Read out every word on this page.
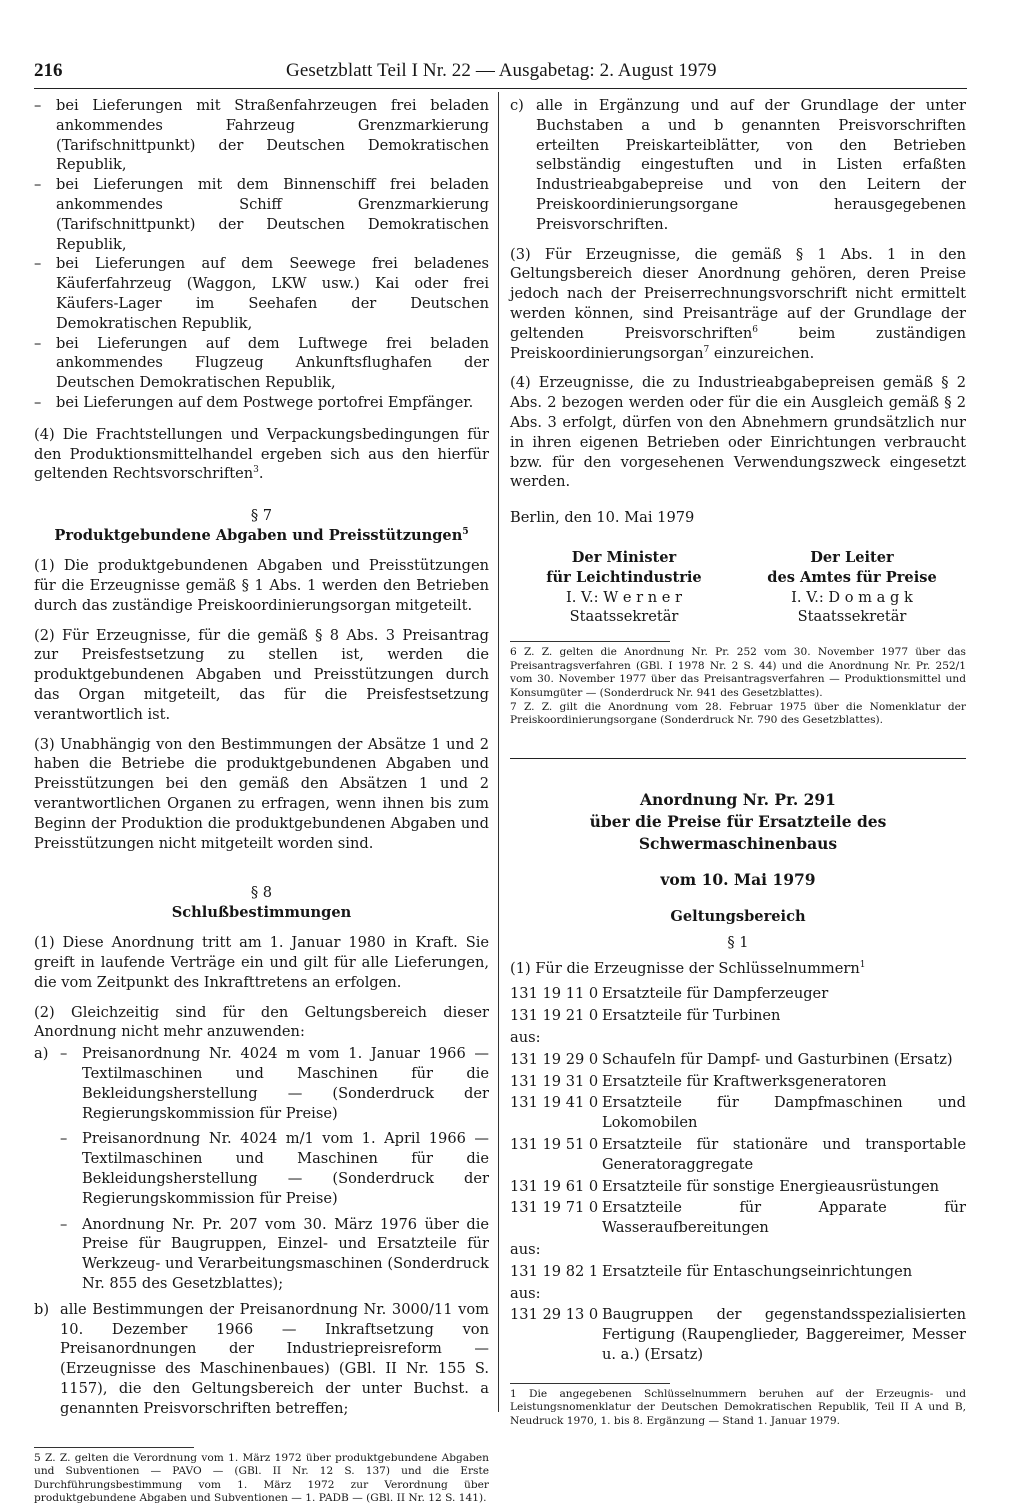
216	Gesetzblatt Teil I Nr. 22 — Ausgabetag: 2. August 1979
–	bei Lieferungen mit Straßenfahrzeugen frei beladen ankommendes Fahrzeug Grenzmarkierung (Tarifschnittpunkt) der Deutschen Demokratischen Republik,
–	bei Lieferungen mit dem Binnenschiff frei beladen ankommendes Schiff Grenzmarkierung (Tarifschnittpunkt) der Deutschen Demokratischen Republik,
–	bei Lieferungen auf dem Seewege frei beladenes Käuferfahrzeug (Waggon, LKW usw.) Kai oder frei Käufers-Lager im Seehafen der Deutschen Demokratischen Republik,
–	bei Lieferungen auf dem Luftwege frei beladen ankommendes Flugzeug Ankunftsflughafen der Deutschen Demokratischen Republik,
–	bei Lieferungen auf dem Postwege portofrei Empfänger.

(4) Die Frachtstellungen und Verpackungsbedingungen für den Produktionsmittelhandel ergeben sich aus den hierfür geltenden Rechtsvorschriften$^3$.

§ 7
Produktgebundene Abgaben und Preisstützungen$^5$

(1) Die produktgebundenen Abgaben und Preisstützungen für die Erzeugnisse gemäß § 1 Abs. 1 werden den Betrieben durch das zuständige Preiskoordinierungsorgan mitgeteilt.

(2) Für Erzeugnisse, für die gemäß § 8 Abs. 3 Preisantrag zur Preisfestsetzung zu stellen ist, werden die produktgebundenen Abgaben und Preisstützungen durch das Organ mitgeteilt, das für die Preisfestsetzung verantwortlich ist.

(3) Unabhängig von den Bestimmungen der Absätze 1 und 2 haben die Betriebe die produktgebundenen Abgaben und Preisstützungen bei den gemäß den Absätzen 1 und 2 verantwortlichen Organen zu erfragen, wenn ihnen bis zum Beginn der Produktion die produktgebundenen Abgaben und Preisstützungen nicht mitgeteilt worden sind.

§ 8
Schlußbestimmungen

(1) Diese Anordnung tritt am 1. Januar 1980 in Kraft. Sie greift in laufende Verträge ein und gilt für alle Lieferungen, die vom Zeitpunkt des Inkrafttretens an erfolgen.

(2) Gleichzeitig sind für den Geltungsbereich dieser Anordnung nicht mehr anzuwenden:

a) –	Preisanordnung Nr. 4024 m vom 1. Januar 1966 — Textilmaschinen und Maschinen für die Bekleidungsherstellung — (Sonderdruck der Regierungskommission für Preise)
–	Preisanordnung Nr. 4024 m/1 vom 1. April 1966 — Textilmaschinen und Maschinen für die Bekleidungsherstellung — (Sonderdruck der Regierungskommission für Preise)
–	Anordnung Nr. Pr. 207 vom 30. März 1976 über die Preise für Baugruppen, Einzel- und Ersatzteile für Werkzeug- und Verarbeitungsmaschinen (Sonderdruck Nr. 855 des Gesetzblattes);
b) alle Bestimmungen der Preisanordnung Nr. 3000/11 vom 10. Dezember 1966 — Inkraftsetzung von Preisanordnungen der Industriepreisreform — (Erzeugnisse des Maschinenbaues) (GBl. II Nr. 155 S. 1157), die den Geltungsbereich der unter Buchst. a genannten Preisvorschriften betreffen;

5 Z. Z. gelten die Verordnung vom 1. März 1972 über produktgebundene Abgaben und Subventionen — PAVO — (GBl. II Nr. 12 S. 137) und die Erste Durchführungsbestimmung vom 1. März 1972 zur Verordnung über produktgebundene Abgaben und Subventionen — 1. PADB — (GBl. II Nr. 12 S. 141).

c) alle in Ergänzung und auf der Grundlage der unter Buchstaben a und b genannten Preisvorschriften erteilten Preiskarteiblätter, von den Betrieben selbständig eingestuften und in Listen erfaßten Industrieabgabepreise und von den Leitern der Preiskoordinierungsorgane herausgegebenen Preisvorschriften.

(3) Für Erzeugnisse, die gemäß § 1 Abs. 1 in den Geltungsbereich dieser Anordnung gehören, deren Preise jedoch nach der Preiserrechnungsvorschrift nicht ermittelt werden können, sind Preisanträge auf der Grundlage der geltenden Preisvorschriften$^6$ beim zuständigen Preiskoordinierungsorgan$^7$ einzureichen.

(4) Erzeugnisse, die zu Industrieabgabepreisen gemäß § 2 Abs. 2 bezogen werden oder für die ein Ausgleich gemäß § 2 Abs. 3 erfolgt, dürfen von den Abnehmern grundsätzlich nur in ihren eigenen Betrieben oder Einrichtungen verbraucht bzw. für den vorgesehenen Verwendungszweck eingesetzt werden.

Berlin, den 10. Mai 1979

Der Minister
für Leichtindustrie
I. V.: W e r n e r
Staatssekretär
Der Leiter
des Amtes für Preise
I. V.: D o m a g k
Staatssekretär

6 Z. Z. gelten die Anordnung Nr. Pr. 252 vom 30. November 1977 über das Preisantragsverfahren (GBl. I 1978 Nr. 2 S. 44) und die Anordnung Nr. Pr. 252/1 vom 30. November 1977 über das Preisantragsverfahren — Produktionsmittel und Konsumgüter — (Sonderdruck Nr. 941 des Gesetzblattes).

7 Z. Z. gilt die Anordnung vom 28. Februar 1975 über die Nomenklatur der Preiskoordinierungsorgane (Sonderdruck Nr. 790 des Gesetzblattes).

Anordnung Nr. Pr. 291
über die Preise für Ersatzteile des
Schwermaschinenbaus
vom 10. Mai 1979
Geltungsbereich
§ 1

(1) Für die Erzeugnisse der Schlüsselnummern$^1$

131 19 11 0 Ersatzteile für Dampferzeuger
131 19 21 0 Ersatzteile für Turbinen
aus:
131 19 29 0 Schaufeln für Dampf- und Gasturbinen (Ersatz)
131 19 31 0 Ersatzteile für Kraftwerksgeneratoren
131 19 41 0 Ersatzteile für Dampfmaschinen und Lokomobilen
131 19 51 0 Ersatzteile für stationäre und transportable Generatoraggregate
131 19 61 0 Ersatzteile für sonstige Energieausrüstungen
131 19 71 0 Ersatzteile für Apparate für Wasseraufbereitungen
aus:
131 19 82 1 Ersatzteile für Entaschungseinrichtungen
aus:
131 29 13 0 Baugruppen der gegenstandsspezialisierten Fertigung (Raupenglieder, Baggereimer, Messer u. a.) (Ersatz)

1 Die angegebenen Schlüsselnummern beruhen auf der Erzeugnis- und Leistungsnomenklatur der Deutschen Demokratischen Republik, Teil II A und B, Neudruck 1970, 1. bis 8. Ergänzung — Stand 1. Januar 1979.
